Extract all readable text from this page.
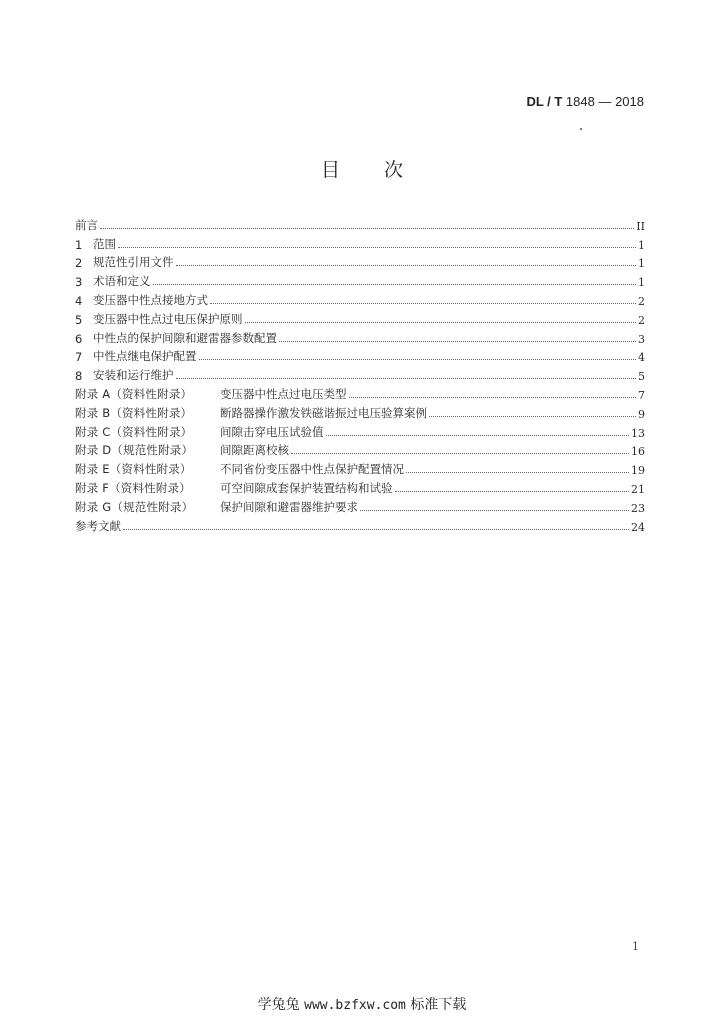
DL / T 1848 — 2018
目次
前言	II
1 范围	1
2 规范性引用文件	1
3 术语和定义	1
4 变压器中性点接地方式	2
5 变压器中性点过电压保护原则	2
6 中性点的保护间隙和避雷器参数配置	3
7 中性点继电保护配置	4
8 安装和运行维护	5
附录 A（资料性附录）	变压器中性点过电压类型	7
附录 B（资料性附录）	断路器操作激发铁磁谐振过电压验算案例	9
附录 C（资料性附录）	间隙击穿电压试验值	13
附录 D（规范性附录）	间隙距离校核	16
附录 E（资料性附录）	不同省份变压器中性点保护配置情况	19
附录 F（资料性附录）	可空间隙成套保护装置结构和试验	21
附录 G（规范性附录）	保护间隙和避雷器维护要求	23
参考文献	24
1
学兔兔 www.bzfxw.com 标准下载
